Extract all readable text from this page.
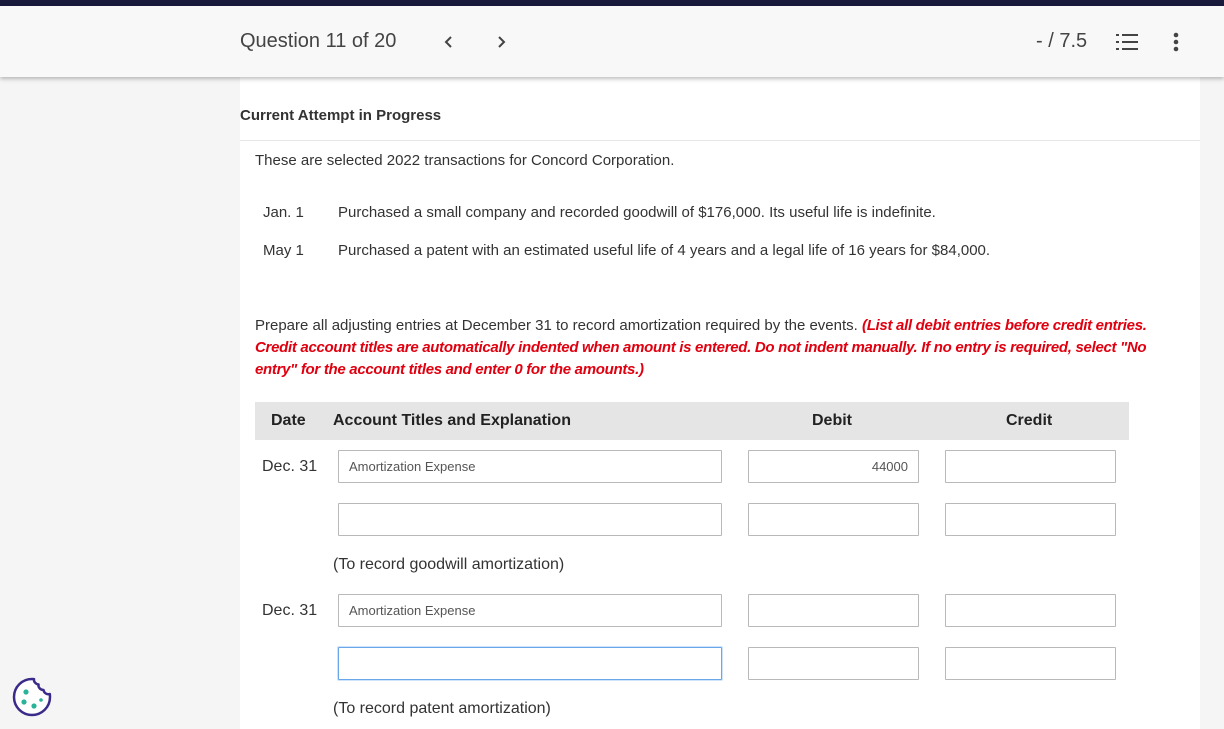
Question 11 of 20	- / 7.5
Current Attempt in Progress
These are selected 2022 transactions for Concord Corporation.
Jan. 1 Purchased a small company and recorded goodwill of $176,000. Its useful life is indefinite.
May 1 Purchased a patent with an estimated useful life of 4 years and a legal life of 16 years for $84,000.
Prepare all adjusting entries at December 31 to record amortization required by the events. (List all debit entries before credit entries. Credit account titles are automatically indented when amount is entered. Do not indent manually. If no entry is required, select "No entry" for the account titles and enter 0 for the amounts.)
Date Account Titles and Explanation	Debit	Credit
Dec. 31	Amortization Expense	44000
(To record goodwill amortization)
Dec. 31	Amortization Expense
(To record patent amortization)
